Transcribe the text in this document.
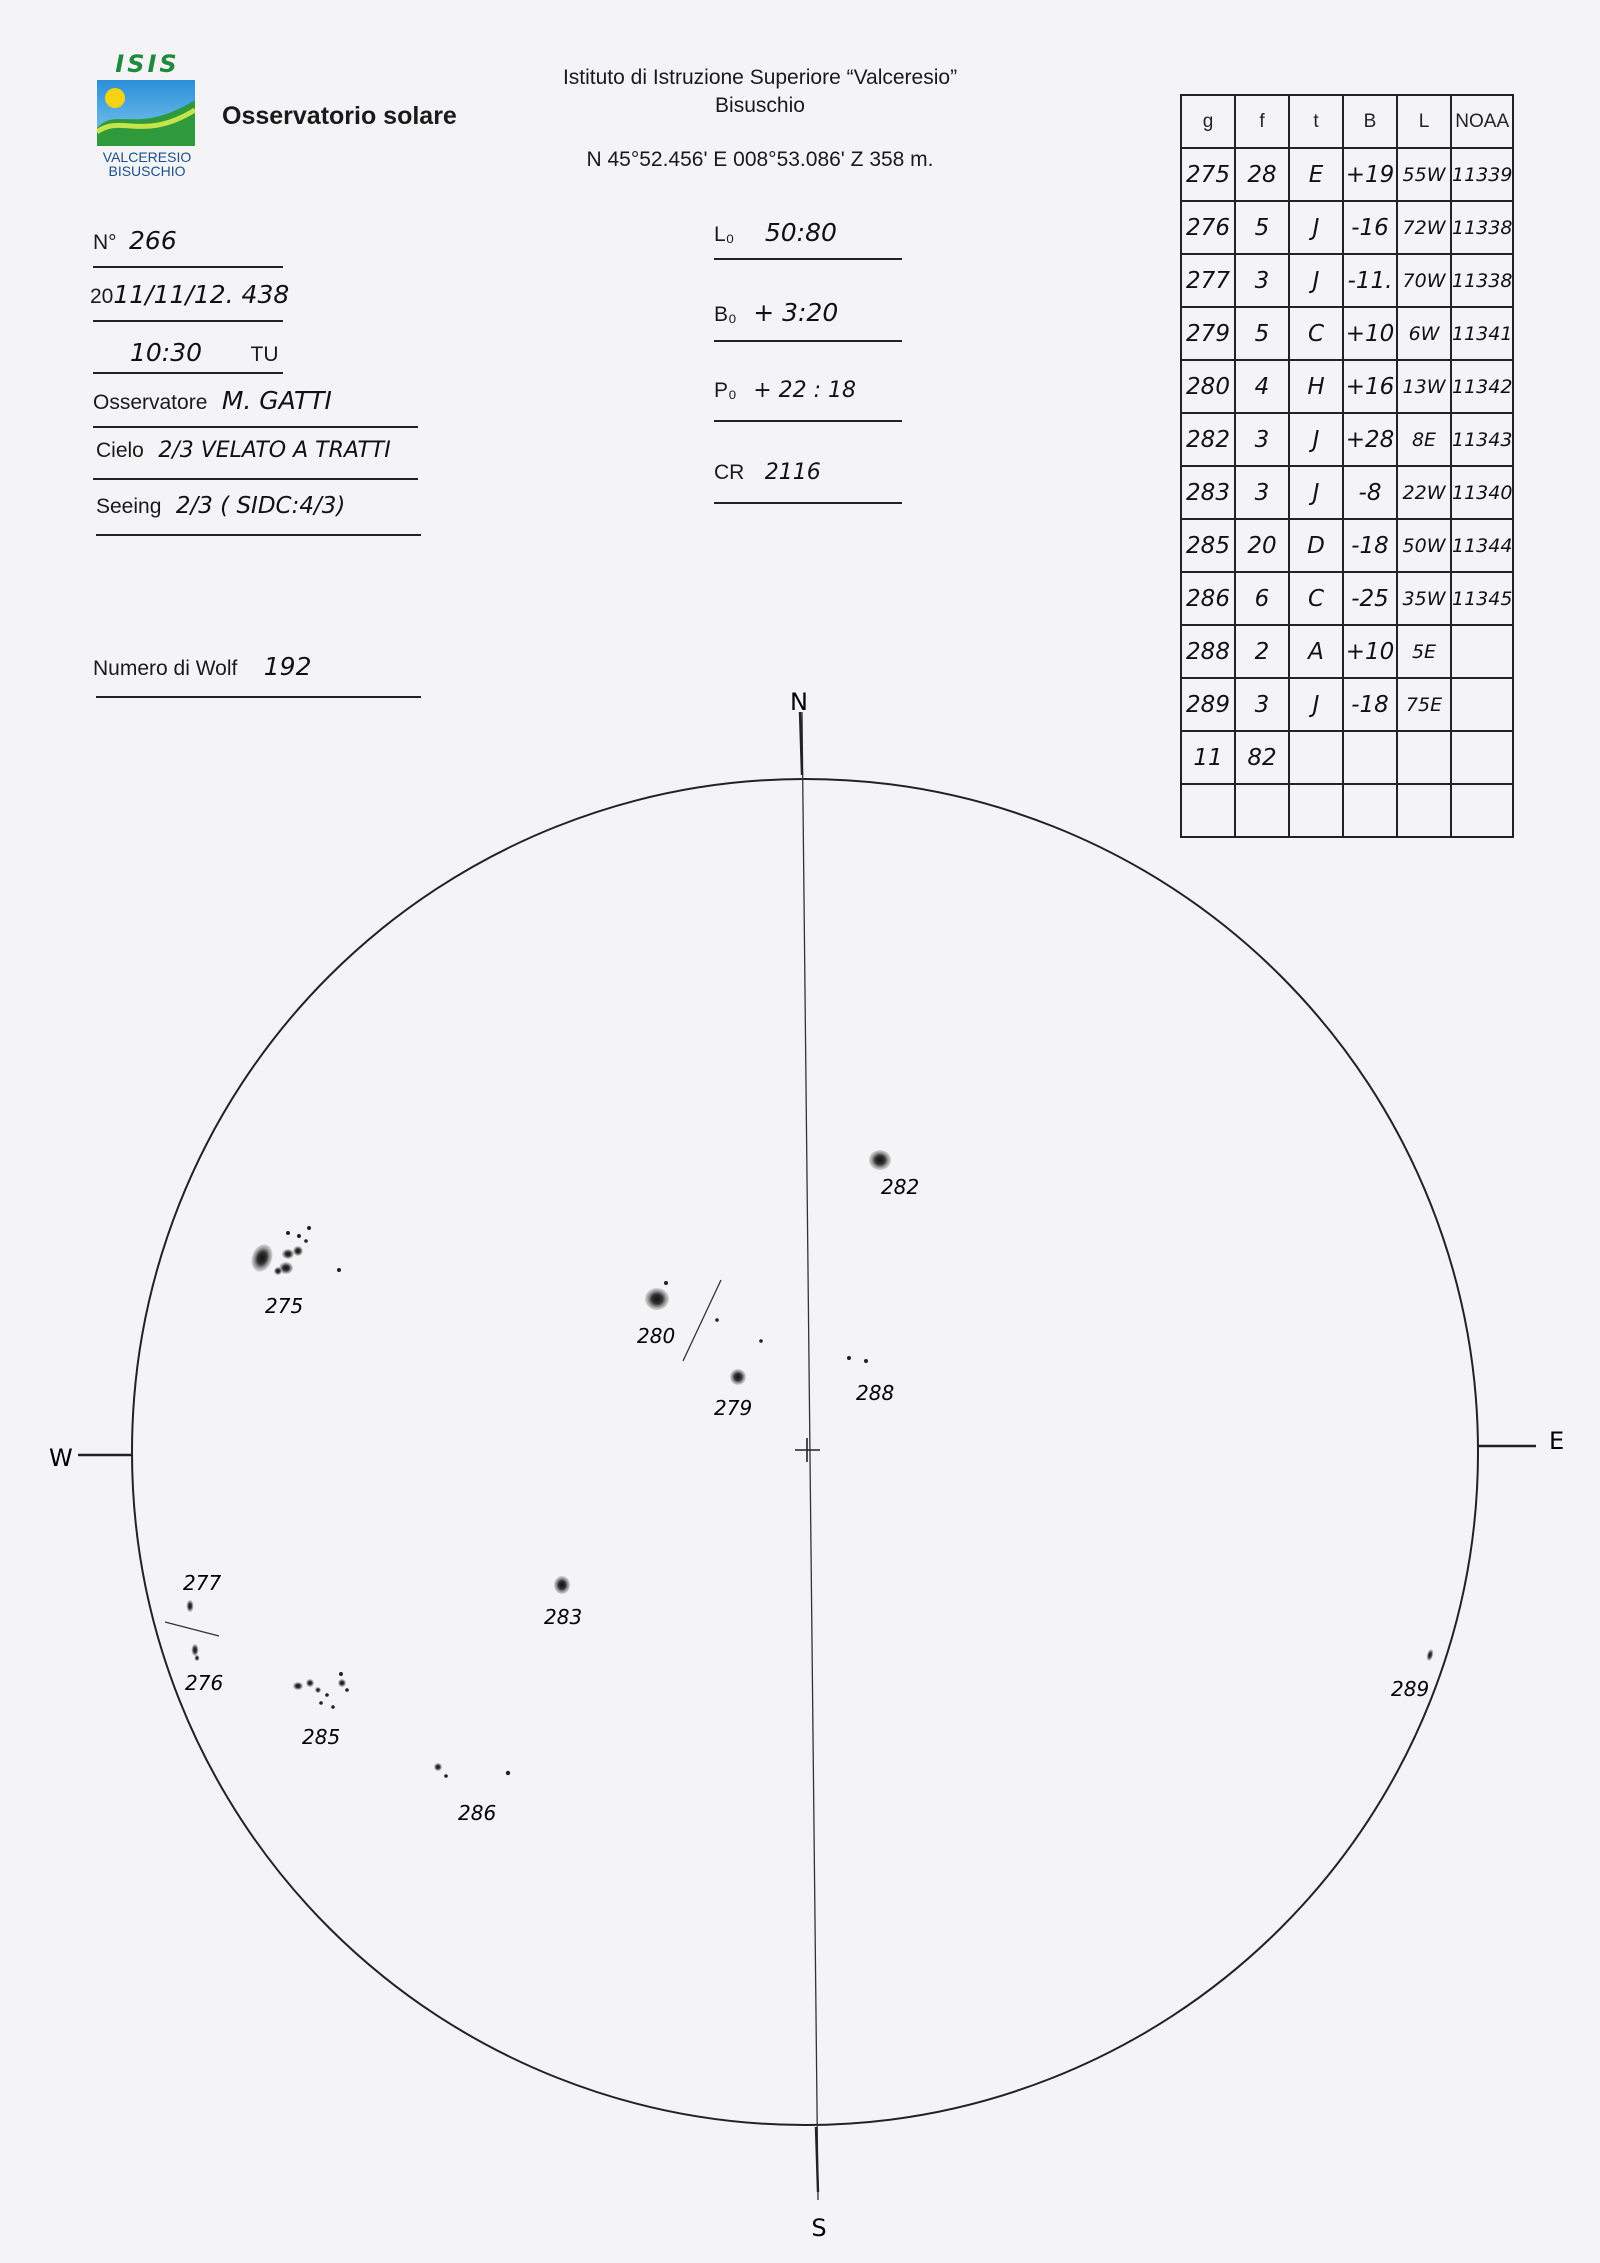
ISIS
VALCERESIO
BISUSCHIO
Osservatorio solare
Istituto di Istruzione Superiore “Valceresio”
Bisuschio
N 45°52.456' E 008°53.086' Z 358 m.
N° 266
2011/11/12. 438
10:30 TU
Osservatore M. GATTI
Cielo 2/3 VELATO A TRATTI
Seeing 2/3 ( SIDC:4/3)
Numero di Wolf 192
L₀ 50:80
B₀ + 3:20
P₀ + 22 : 18
CR 2116
g	f	t	B	L	NOAA
275	28	E	+19	55W	11339
276	5	J	-16	72W	11338
277	3	J	-11.	70W	11338
279	5	C	+10	6W	11341
280	4	H	+16	13W	11342
282	3	J	+28	8E	11343
283	3	J	-8	22W	11340
285	20	D	-18	50W	11344
286	6	C	-25	35W	11345
288	2	A	+10	5E	
289	3	J	-18	75E	
11	82				

N
S
E
W
275
280
279
282
288
283
277
276
285
286
289
